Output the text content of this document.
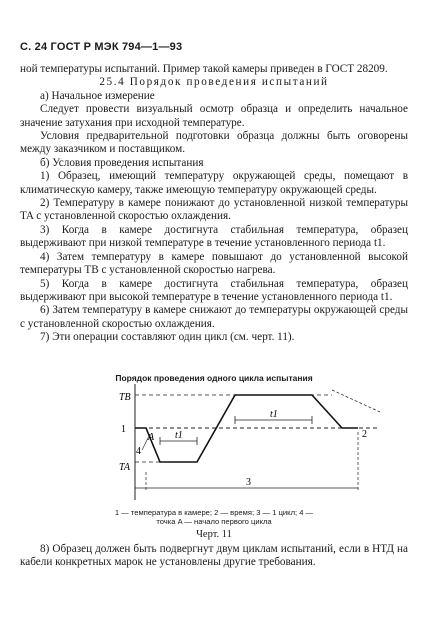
С. 24 ГОСТ Р МЭК 794—1—93

ной температуры испытаний. Пример такой камеры приведен в ГОСТ 28209.

25.4 Порядок проведения испытаний

а) Начальное измерение

Следует провести визуальный осмотр образца и определить начальное значение затухания при исходной температуре.

Условия предварительной подготовки образца должны быть оговорены между заказчиком и поставщиком.

б) Условия проведения испытания

1) Образец, имеющий температуру окружающей среды, помещают в климатическую камеру, также имеющую температуру окружающей среды.

2) Температуру в камере понижают до установленной низкой температуры TA с установленной скоростью охлаждения.

3) Когда в камере достигнута стабильная температура, образец выдерживают при низкой температуре в течение установленного периода t1.

4) Затем температуру в камере повышают до установленной высокой температуры TB с установленной скоростью нагрева.

5) Когда в камере достигнута стабильная температура, образец выдерживают при высокой температуре в течение установленного периода t1.

6) Затем температуру в камере снижают до температуры окружающей среды с установленной скоростью охлаждения.

7) Эти операции составляют один цикл (см. черт. 11).

Порядок проведения одного цикла испытания
TB
TA
1	2
4
A t1
t1
3
1 — температура в камере; 2 — время; 3 — 1 цикл; 4 —
точка A — начало первого цикла
Черт. 11

8) Образец должен быть подвергнут двум циклам испытаний, если в НТД на кабели конкретных марок не установлены другие требования.
